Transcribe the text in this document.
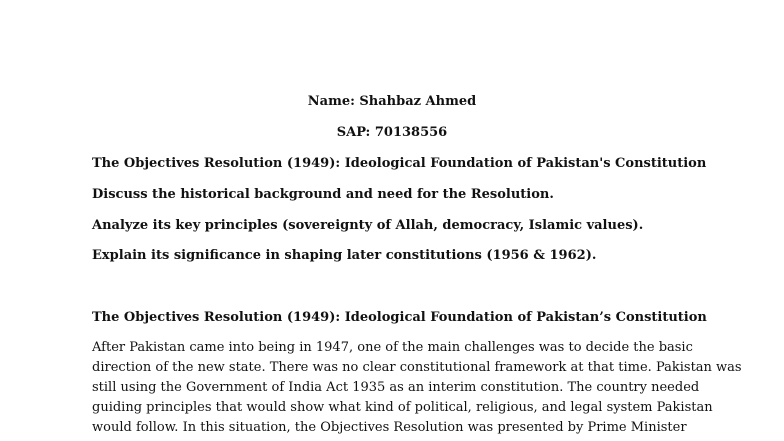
Name: Shahbaz Ahmed
SAP: 70138556
The Objectives Resolution (1949): Ideological Foundation of Pakistan's Constitution
Discuss the historical background and need for the Resolution.
Analyze its key principles (sovereignty of Allah, democracy, Islamic values).
Explain its significance in shaping later constitutions (1956 & 1962).
The Objectives Resolution (1949): Ideological Foundation of Pakistan’s Constitution
After Pakistan came into being in 1947, one of the main challenges was to decide the basic
direction of the new state. There was no clear constitutional framework at that time. Pakistan was
still using the Government of India Act 1935 as an interim constitution. The country needed
guiding principles that would show what kind of political, religious, and legal system Pakistan
would follow. In this situation, the Objectives Resolution was presented by Prime Minister
